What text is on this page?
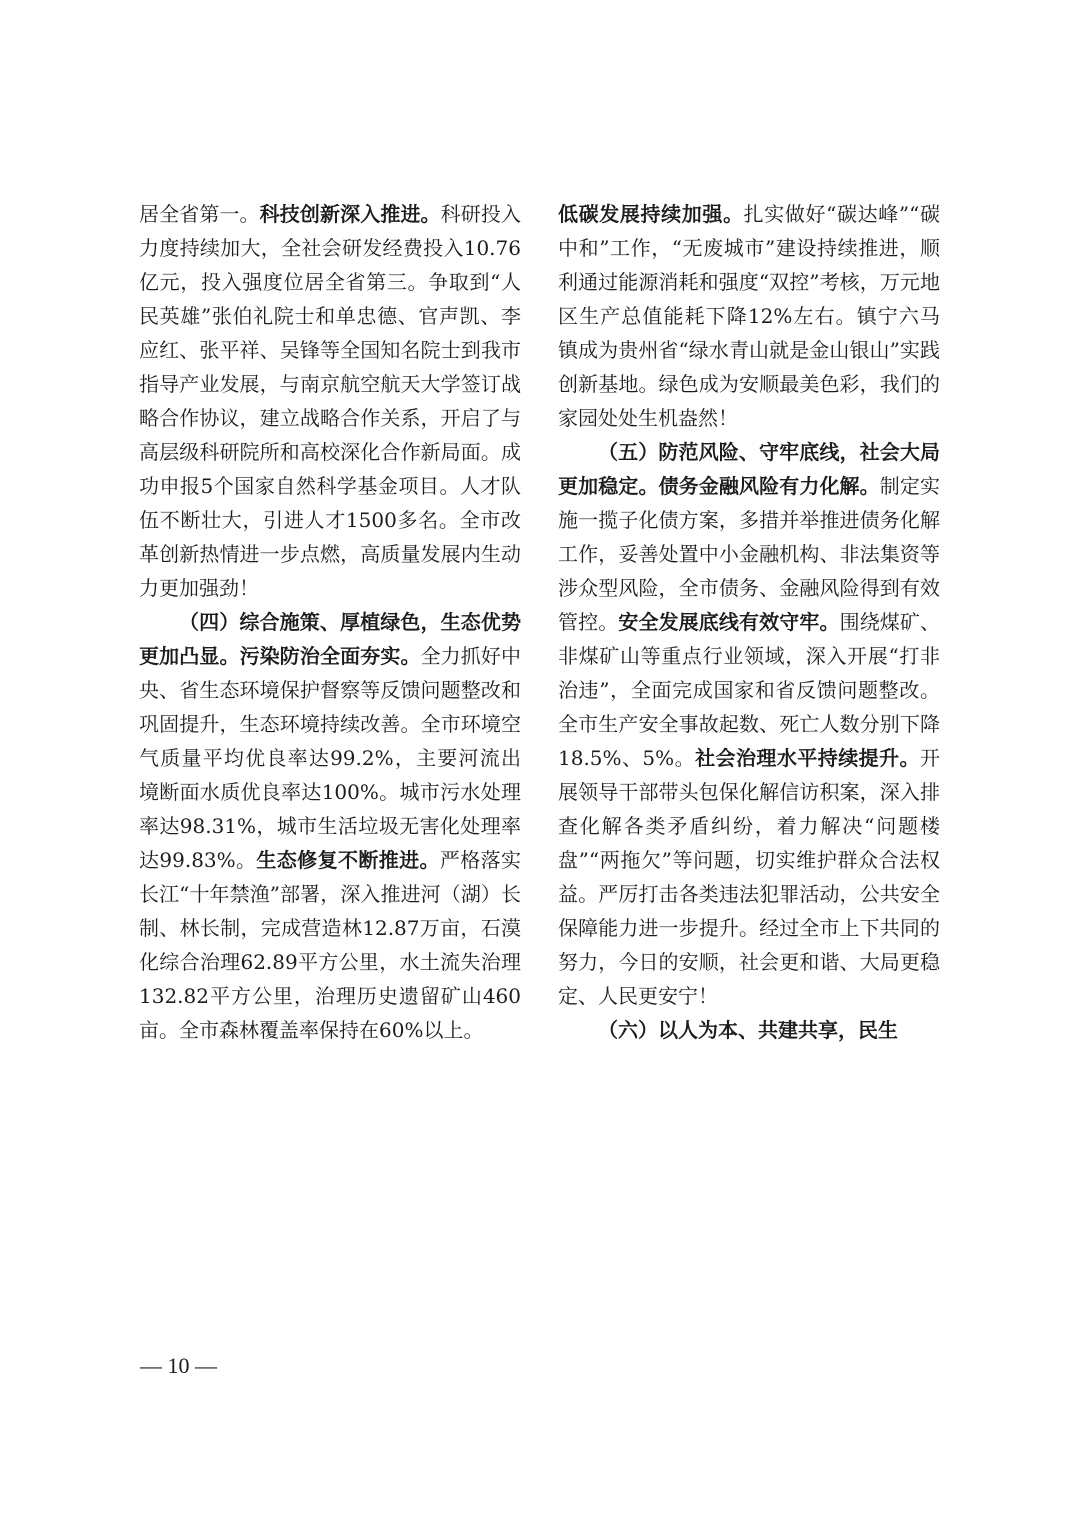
居全省第一。科技创新深入推进。科研投入力度持续加大，全社会研发经费投入10.76亿元，投入强度位居全省第三。争取到“人民英雄”张伯礼院士和单忠德、官声凯、李应红、张平祥、吴锋等全国知名院士到我市指导产业发展，与南京航空航天大学签订战略合作协议，建立战略合作关系，开启了与高层级科研院所和高校深化合作新局面。成功申报5个国家自然科学基金项目。人才队伍不断壮大，引进人才1500多名。全市改革创新热情进一步点燃，高质量发展内生动力更加强劲！

（四）综合施策、厚植绿色，生态优势更加凸显。污染防治全面夯实。全力抓好中央、省生态环境保护督察等反馈问题整改和巩固提升，生态环境持续改善。全市环境空气质量平均优良率达99.2%，主要河流出境断面水质优良率达100%。城市污水处理率达98.31%，城市生活垃圾无害化处理率达99.83%。生态修复不断推进。严格落实长江“十年禁渔”部署，深入推进河（湖）长制、林长制，完成营造林12.87万亩，石漠化综合治理62.89平方公里，水土流失治理132.82平方公里，治理历史遗留矿山460亩。全市森林覆盖率保持在60%以上。

低碳发展持续加强。扎实做好“碳达峰”“碳中和”工作，“无废城市”建设持续推进，顺利通过能源消耗和强度“双控”考核，万元地区生产总值能耗下降12%左右。镇宁六马镇成为贵州省“绿水青山就是金山银山”实践创新基地。绿色成为安顺最美色彩，我们的家园处处生机盎然！

（五）防范风险、守牢底线，社会大局更加稳定。债务金融风险有力化解。制定实施一揽子化债方案，多措并举推进债务化解工作，妥善处置中小金融机构、非法集资等涉众型风险，全市债务、金融风险得到有效管控。安全发展底线有效守牢。围绕煤矿、非煤矿山等重点行业领域，深入开展“打非治违”，全面完成国家和省反馈问题整改。全市生产安全事故起数、死亡人数分别下降18.5%、5%。社会治理水平持续提升。开展领导干部带头包保化解信访积案，深入排查化解各类矛盾纠纷，着力解决“问题楼盘”“两拖欠”等问题，切实维护群众合法权益。严厉打击各类违法犯罪活动，公共安全保障能力进一步提升。经过全市上下共同的努力，今日的安顺，社会更和谐、大局更稳定、人民更安宁！

（六）以人为本、共建共享，民生

— 10 —
